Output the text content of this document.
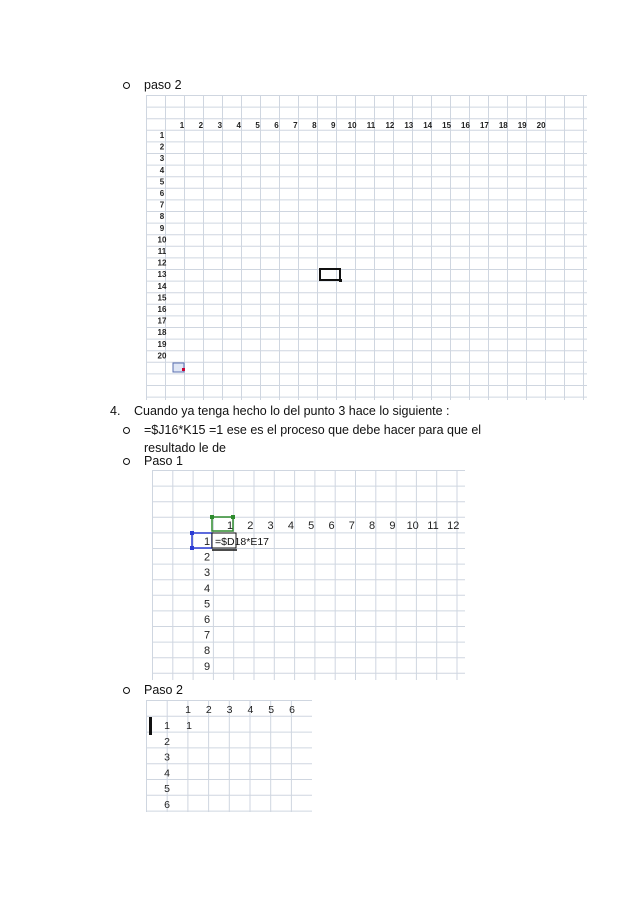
paso 2
1 2 3 4 5 6 7 8 9 10 11 12 13 14 15 16 17 18 19 20
1
2
3
4
5
6
7
8
9
10
11
12
13
14
15
16
17
18
19
20
4.	Cuando ya tenga hecho lo del punto 3 hace lo siguiente :
=$J16*K15 =1 ese es el proceso que debe hacer para que el
resultado le de
Paso 1
1 2 3 4 5 6 7 8 9 10 11 12
1
2
3
4
5
6
7
8
9
=$D18*E17
Paso 2
1 2 3 4 5 6
1
2
3
4
5
6
1
